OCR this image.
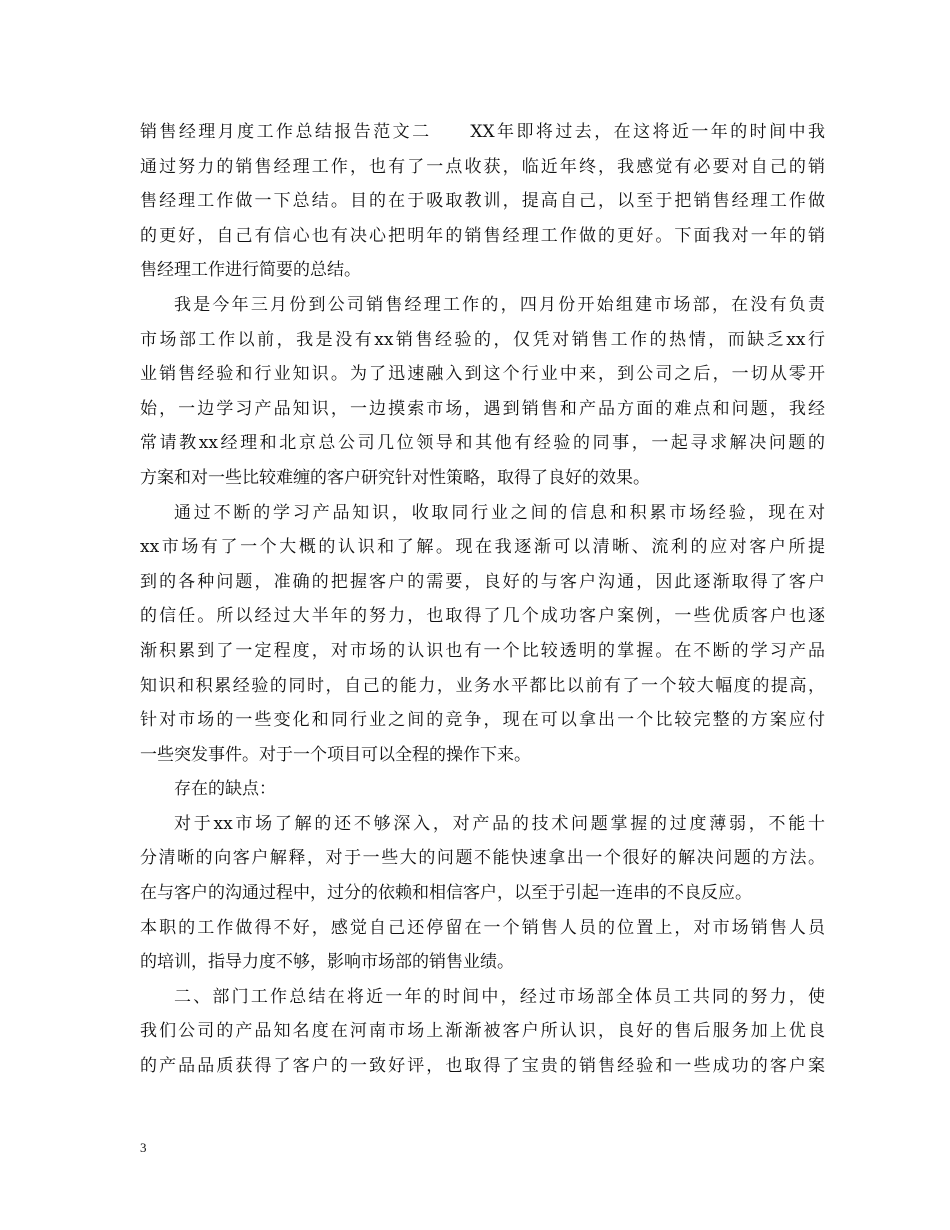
销售经理月度工作总结报告范文二　　XX年即将过去，在这将近一年的时间中我
通过努力的销售经理工作，也有了一点收获，临近年终，我感觉有必要对自己的销
售经理工作做一下总结。目的在于吸取教训，提高自己，以至于把销售经理工作做
的更好，自己有信心也有决心把明年的销售经理工作做的更好。下面我对一年的销
售经理工作进行简要的总结。
我是今年三月份到公司销售经理工作的，四月份开始组建市场部，在没有负责
市场部工作以前，我是没有xx销售经验的，仅凭对销售工作的热情，而缺乏xx行
业销售经验和行业知识。为了迅速融入到这个行业中来，到公司之后，一切从零开
始，一边学习产品知识，一边摸索市场，遇到销售和产品方面的难点和问题，我经
常请教xx经理和北京总公司几位领导和其他有经验的同事，一起寻求解决问题的
方案和对一些比较难缠的客户研究针对性策略，取得了良好的效果。
通过不断的学习产品知识，收取同行业之间的信息和积累市场经验，现在对
xx市场有了一个大概的认识和了解。现在我逐渐可以清晰、流利的应对客户所提
到的各种问题，准确的把握客户的需要，良好的与客户沟通，因此逐渐取得了客户
的信任。所以经过大半年的努力，也取得了几个成功客户案例，一些优质客户也逐
渐积累到了一定程度，对市场的认识也有一个比较透明的掌握。在不断的学习产品
知识和积累经验的同时，自己的能力，业务水平都比以前有了一个较大幅度的提高，
针对市场的一些变化和同行业之间的竞争，现在可以拿出一个比较完整的方案应付
一些突发事件。对于一个项目可以全程的操作下来。
存在的缺点：
对于xx市场了解的还不够深入，对产品的技术问题掌握的过度薄弱，不能十
分清晰的向客户解释，对于一些大的问题不能快速拿出一个很好的解决问题的方法。
在与客户的沟通过程中，过分的依赖和相信客户，以至于引起一连串的不良反应。
本职的工作做得不好，感觉自己还停留在一个销售人员的位置上，对市场销售人员
的培训，指导力度不够，影响市场部的销售业绩。
二、部门工作总结在将近一年的时间中，经过市场部全体员工共同的努力，使
我们公司的产品知名度在河南市场上渐渐被客户所认识，良好的售后服务加上优良
的产品品质获得了客户的一致好评，也取得了宝贵的销售经验和一些成功的客户案
3
